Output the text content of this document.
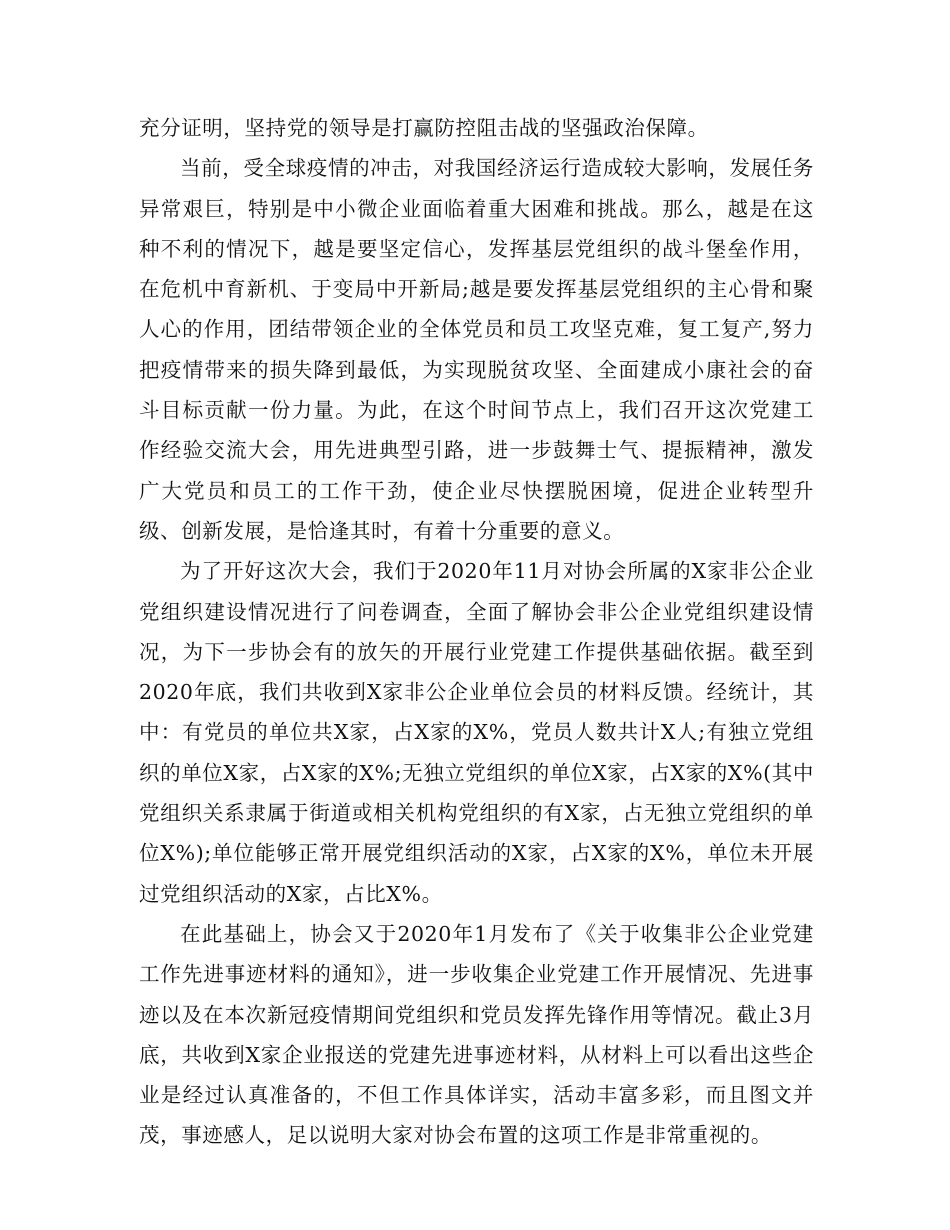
充分证明，坚持党的领导是打赢防控阻击战的坚强政治保障。

当前，受全球疫情的冲击，对我国经济运行造成较大影响，发展任务异常艰巨，特别是中小微企业面临着重大困难和挑战。那么，越是在这种不利的情况下，越是要坚定信心，发挥基层党组织的战斗堡垒作用，在危机中育新机、于变局中开新局;越是要发挥基层党组织的主心骨和聚人心的作用，团结带领企业的全体党员和员工攻坚克难，复工复产,努力把疫情带来的损失降到最低，为实现脱贫攻坚、全面建成小康社会的奋斗目标贡献一份力量。为此，在这个时间节点上，我们召开这次党建工作经验交流大会，用先进典型引路，进一步鼓舞士气、提振精神，激发广大党员和员工的工作干劲，使企业尽快摆脱困境，促进企业转型升级、创新发展，是恰逢其时，有着十分重要的意义。

为了开好这次大会，我们于2020年11月对协会所属的X家非公企业党组织建设情况进行了问卷调查，全面了解协会非公企业党组织建设情况，为下一步协会有的放矢的开展行业党建工作提供基础依据。截至到2020年底，我们共收到X家非公企业单位会员的材料反馈。经统计，其中：有党员的单位共X家，占X家的X%，党员人数共计X人;有独立党组织的单位X家，占X家的X%;无独立党组织的单位X家，占X家的X%(其中党组织关系隶属于街道或相关机构党组织的有X家，占无独立党组织的单位X%);单位能够正常开展党组织活动的X家，占X家的X%，单位未开展过党组织活动的X家，占比X%。

在此基础上，协会又于2020年1月发布了《关于收集非公企业党建工作先进事迹材料的通知》，进一步收集企业党建工作开展情况、先进事迹以及在本次新冠疫情期间党组织和党员发挥先锋作用等情况。截止3月底，共收到X家企业报送的党建先进事迹材料，从材料上可以看出这些企业是经过认真准备的，不但工作具体详实，活动丰富多彩，而且图文并茂，事迹感人，足以说明大家对协会布置的这项工作是非常重视的。
